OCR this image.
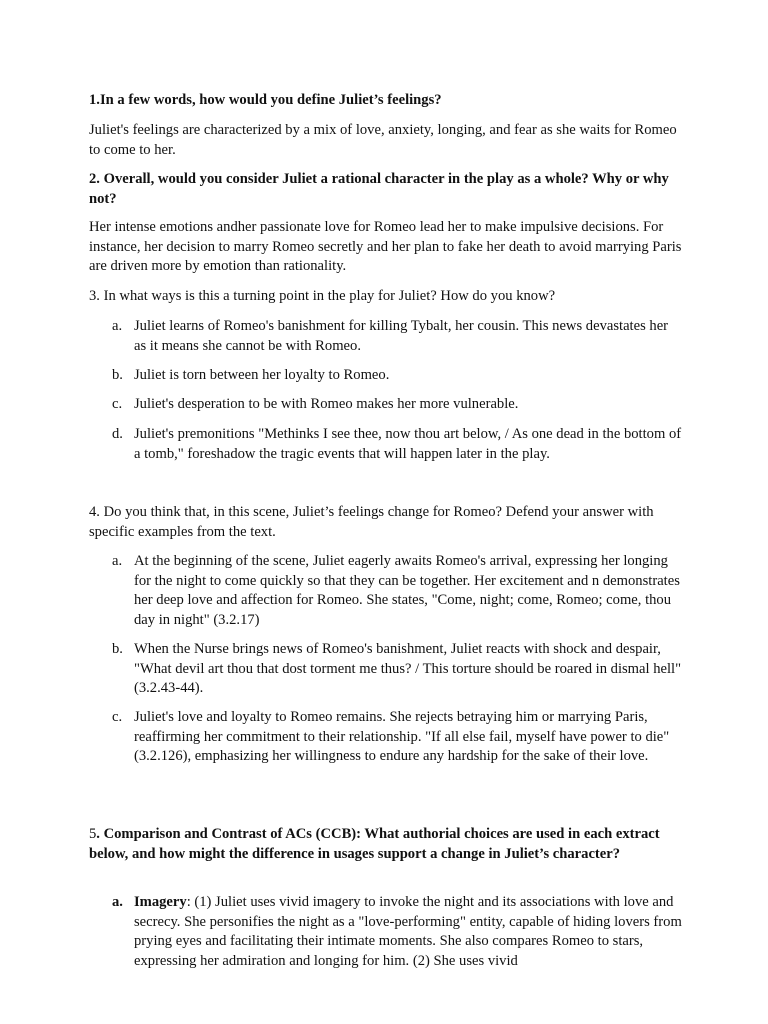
1.In a few words, how would you define Juliet’s feelings?

Juliet's feelings are characterized by a mix of love, anxiety, longing, and fear as she waits for Romeo to come to her.

2. Overall, would you consider Juliet a rational character in the play as a whole? Why or why not?

Her intense emotions andher passionate love for Romeo lead her to make impulsive decisions. For instance, her decision to marry Romeo secretly and her plan to fake her death to avoid marrying Paris are driven more by emotion than rationality.

3. In what ways is this a turning point in the play for Juliet? How do you know?

a. Juliet learns of Romeo's banishment for killing Tybalt, her cousin. This news devastates her as it means she cannot be with Romeo.
b. Juliet is torn between her loyalty to Romeo.
c. Juliet's desperation to be with Romeo makes her more vulnerable.
d. Juliet's premonitions "Methinks I see thee, now thou art below, / As one dead in the bottom of a tomb," foreshadow the tragic events that will happen later in the play.

4. Do you think that, in this scene, Juliet’s feelings change for Romeo? Defend your answer with specific examples from the text.

a. At the beginning of the scene, Juliet eagerly awaits Romeo's arrival, expressing her longing for the night to come quickly so that they can be together. Her excitement and n demonstrates her deep love and affection for Romeo. She states, "Come, night; come, Romeo; come, thou day in night" (3.2.17)
b. When the Nurse brings news of Romeo's banishment, Juliet reacts with shock and despair, "What devil art thou that dost torment me thus? / This torture should be roared in dismal hell" (3.2.43-44).
c. Juliet's love and loyalty to Romeo remains. She rejects betraying him or marrying Paris, reaffirming her commitment to their relationship. "If all else fail, myself have power to die" (3.2.126), emphasizing her willingness to endure any hardship for the sake of their love.

5. Comparison and Contrast of ACs (CCB): What authorial choices are used in each extract below, and how might the difference in usages support a change in Juliet’s character?

a. Imagery: (1) Juliet uses vivid imagery to invoke the night and its associations with love and secrecy. She personifies the night as a "love-performing" entity, capable of hiding lovers from prying eyes and facilitating their intimate moments. She also compares Romeo to stars, expressing her admiration and longing for him. (2) She uses vivid
